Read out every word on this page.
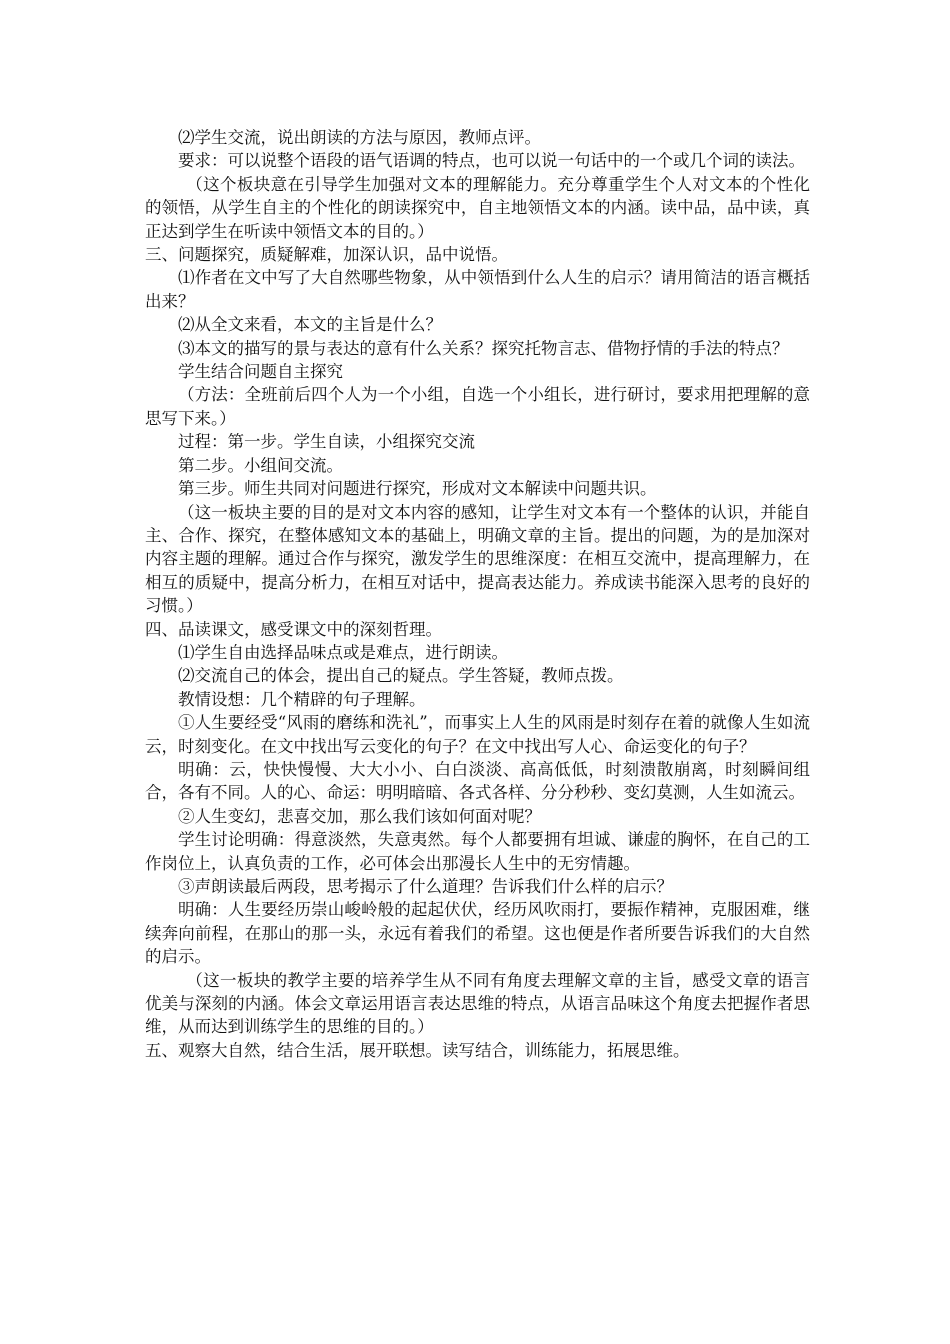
⑵学生交流，说出朗读的方法与原因，教师点评。

要求：可以说整个语段的语气语调的特点，也可以说一句话中的一个或几个词的读法。

（这个板块意在引导学生加强对文本的理解能力。充分尊重学生个人对文本的个性化的领悟，从学生自主的个性化的朗读探究中，自主地领悟文本的内涵。读中品，品中读，真正达到学生在听读中领悟文本的目的。）

三、问题探究，质疑解难，加深认识，品中说悟。

⑴作者在文中写了大自然哪些物象，从中领悟到什么人生的启示？请用简洁的语言概括出来？

⑵从全文来看，本文的主旨是什么？

⑶本文的描写的景与表达的意有什么关系？探究托物言志、借物抒情的手法的特点？

学生结合问题自主探究

（方法：全班前后四个人为一个小组，自选一个小组长，进行研讨，要求用把理解的意思写下来。）

过程：第一步。学生自读，小组探究交流

第二步。小组间交流。

第三步。师生共同对问题进行探究，形成对文本解读中问题共识。

（这一板块主要的目的是对文本内容的感知，让学生对文本有一个整体的认识，并能自主、合作、探究，在整体感知文本的基础上，明确文章的主旨。提出的问题，为的是加深对内容主题的理解。通过合作与探究，激发学生的思维深度：在相互交流中，提高理解力，在相互的质疑中，提高分析力，在相互对话中，提高表达能力。养成读书能深入思考的良好的习惯。）

四、品读课文，感受课文中的深刻哲理。

⑴学生自由选择品味点或是难点，进行朗读。

⑵交流自己的体会，提出自己的疑点。学生答疑，教师点拨。

教情设想：几个精辟的句子理解。

①人生要经受“风雨的磨练和洗礼”，而事实上人生的风雨是时刻存在着的就像人生如流云，时刻变化。在文中找出写云变化的句子？在文中找出写人心、命运变化的句子？

明确：云，快快慢慢、大大小小、白白淡淡、高高低低，时刻溃散崩离，时刻瞬间组合，各有不同。人的心、命运：明明暗暗、各式各样、分分秒秒、变幻莫测，人生如流云。

②人生变幻，悲喜交加，那么我们该如何面对呢？

学生讨论明确：得意淡然，失意夷然。每个人都要拥有坦诚、谦虚的胸怀，在自己的工作岗位上，认真负责的工作，必可体会出那漫长人生中的无穷情趣。

③声朗读最后两段，思考揭示了什么道理？告诉我们什么样的启示？

明确：人生要经历崇山峻岭般的起起伏伏，经历风吹雨打，要振作精神，克服困难，继续奔向前程，在那山的那一头，永远有着我们的希望。这也便是作者所要告诉我们的大自然的启示。

（这一板块的教学主要的培养学生从不同有角度去理解文章的主旨，感受文章的语言优美与深刻的内涵。体会文章运用语言表达思维的特点，从语言品味这个角度去把握作者思维，从而达到训练学生的思维的目的。）

五、观察大自然，结合生活，展开联想。读写结合，训练能力，拓展思维。
